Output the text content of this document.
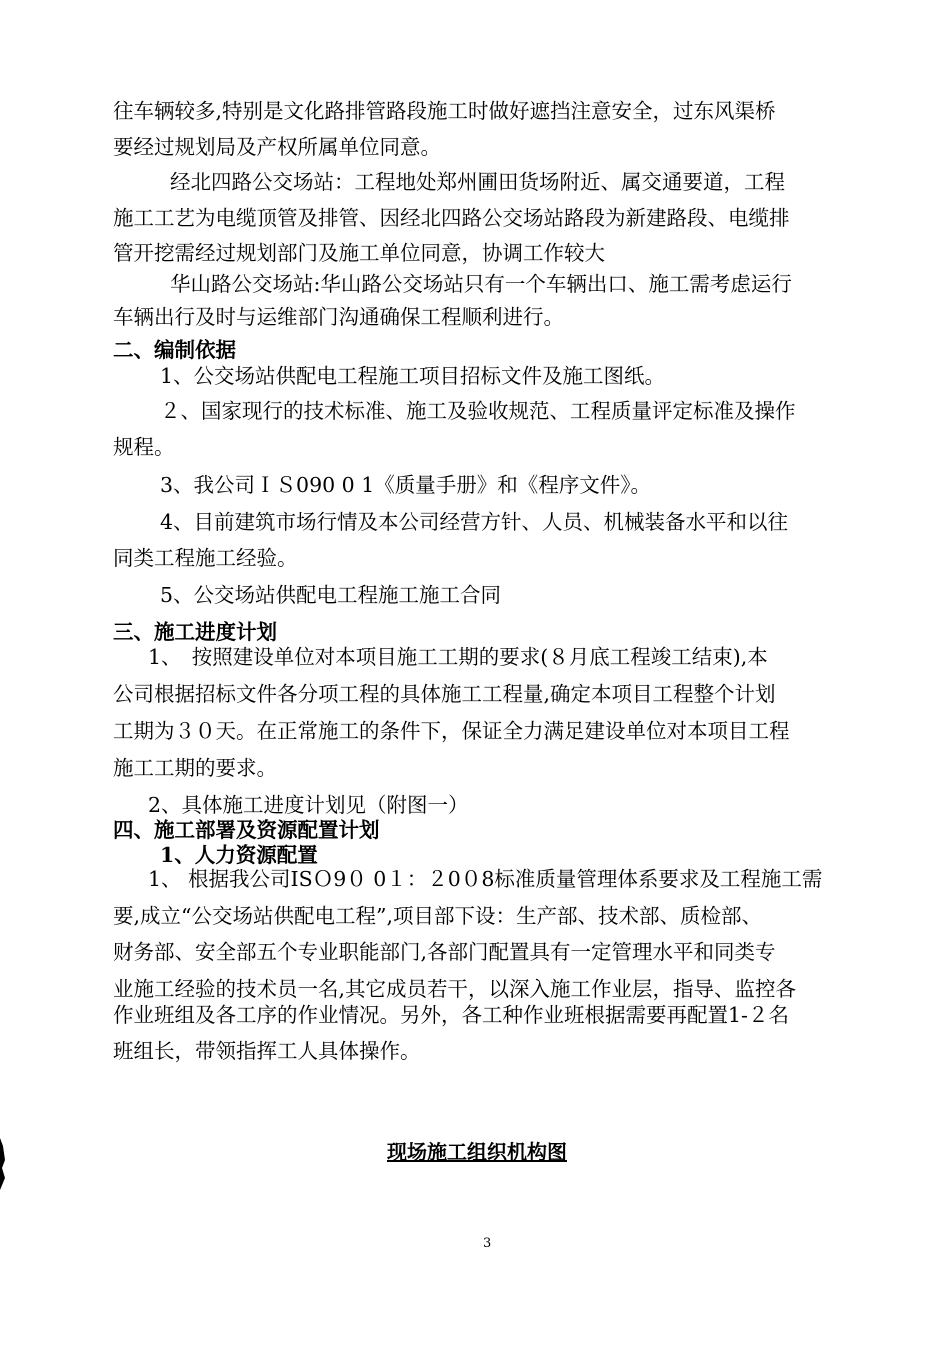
往车辆较多,特别是文化路排管路段施工时做好遮挡注意安全，过东风渠桥
要经过规划局及产权所属单位同意。
经北四路公交场站：工程地处郑州圃田货场附近、属交通要道，工程
施工工艺为电缆顶管及排管、因经北四路公交场站路段为新建路段、电缆排
管开挖需经过规划部门及施工单位同意，协调工作较大
华山路公交场站:华山路公交场站只有一个车辆出口、施工需考虑运行
车辆出行及时与运维部门沟通确保工程顺利进行。
二、编制依据
1、公交场站供配电工程施工项目招标文件及施工图纸。
２、国家现行的技术标准、施工及验收规范、工程质量评定标准及操作
规程。
3、我公司ＩＳ090 0 1《质量手册》和《程序文件》。
4、目前建筑市场行情及本公司经营方针、人员、机械装备水平和以往
同类工程施工经验。
5、公交场站供配电工程施工施工合同
三、施工进度计划
1、　按照建设单位对本项目施工工期的要求(８月底工程竣工结束),本
公司根据招标文件各分项工程的具体施工工程量,确定本项目工程整个计划
工期为３０天。在正常施工的条件下，保证全力满足建设单位对本项目工程
施工工期的要求。
2、具体施工进度计划见（附图一）
四、施工部署及资源配置计划
1、人力资源配置
1、 根据我公司ISＯ9０ 0１：２0０8标准质量管理体系要求及工程施工需
要,成立“公交场站供配电工程”,项目部下设：生产部、技术部、质检部、
财务部、安全部五个专业职能部门,各部门配置具有一定管理水平和同类专
业施工经验的技术员一名,其它成员若干，以深入施工作业层，指导、监控各
作业班组及各工序的作业情况。另外，各工种作业班根据需要再配置1-２名
班组长，带领指挥工人具体操作。
现场施工组织机构图
3
